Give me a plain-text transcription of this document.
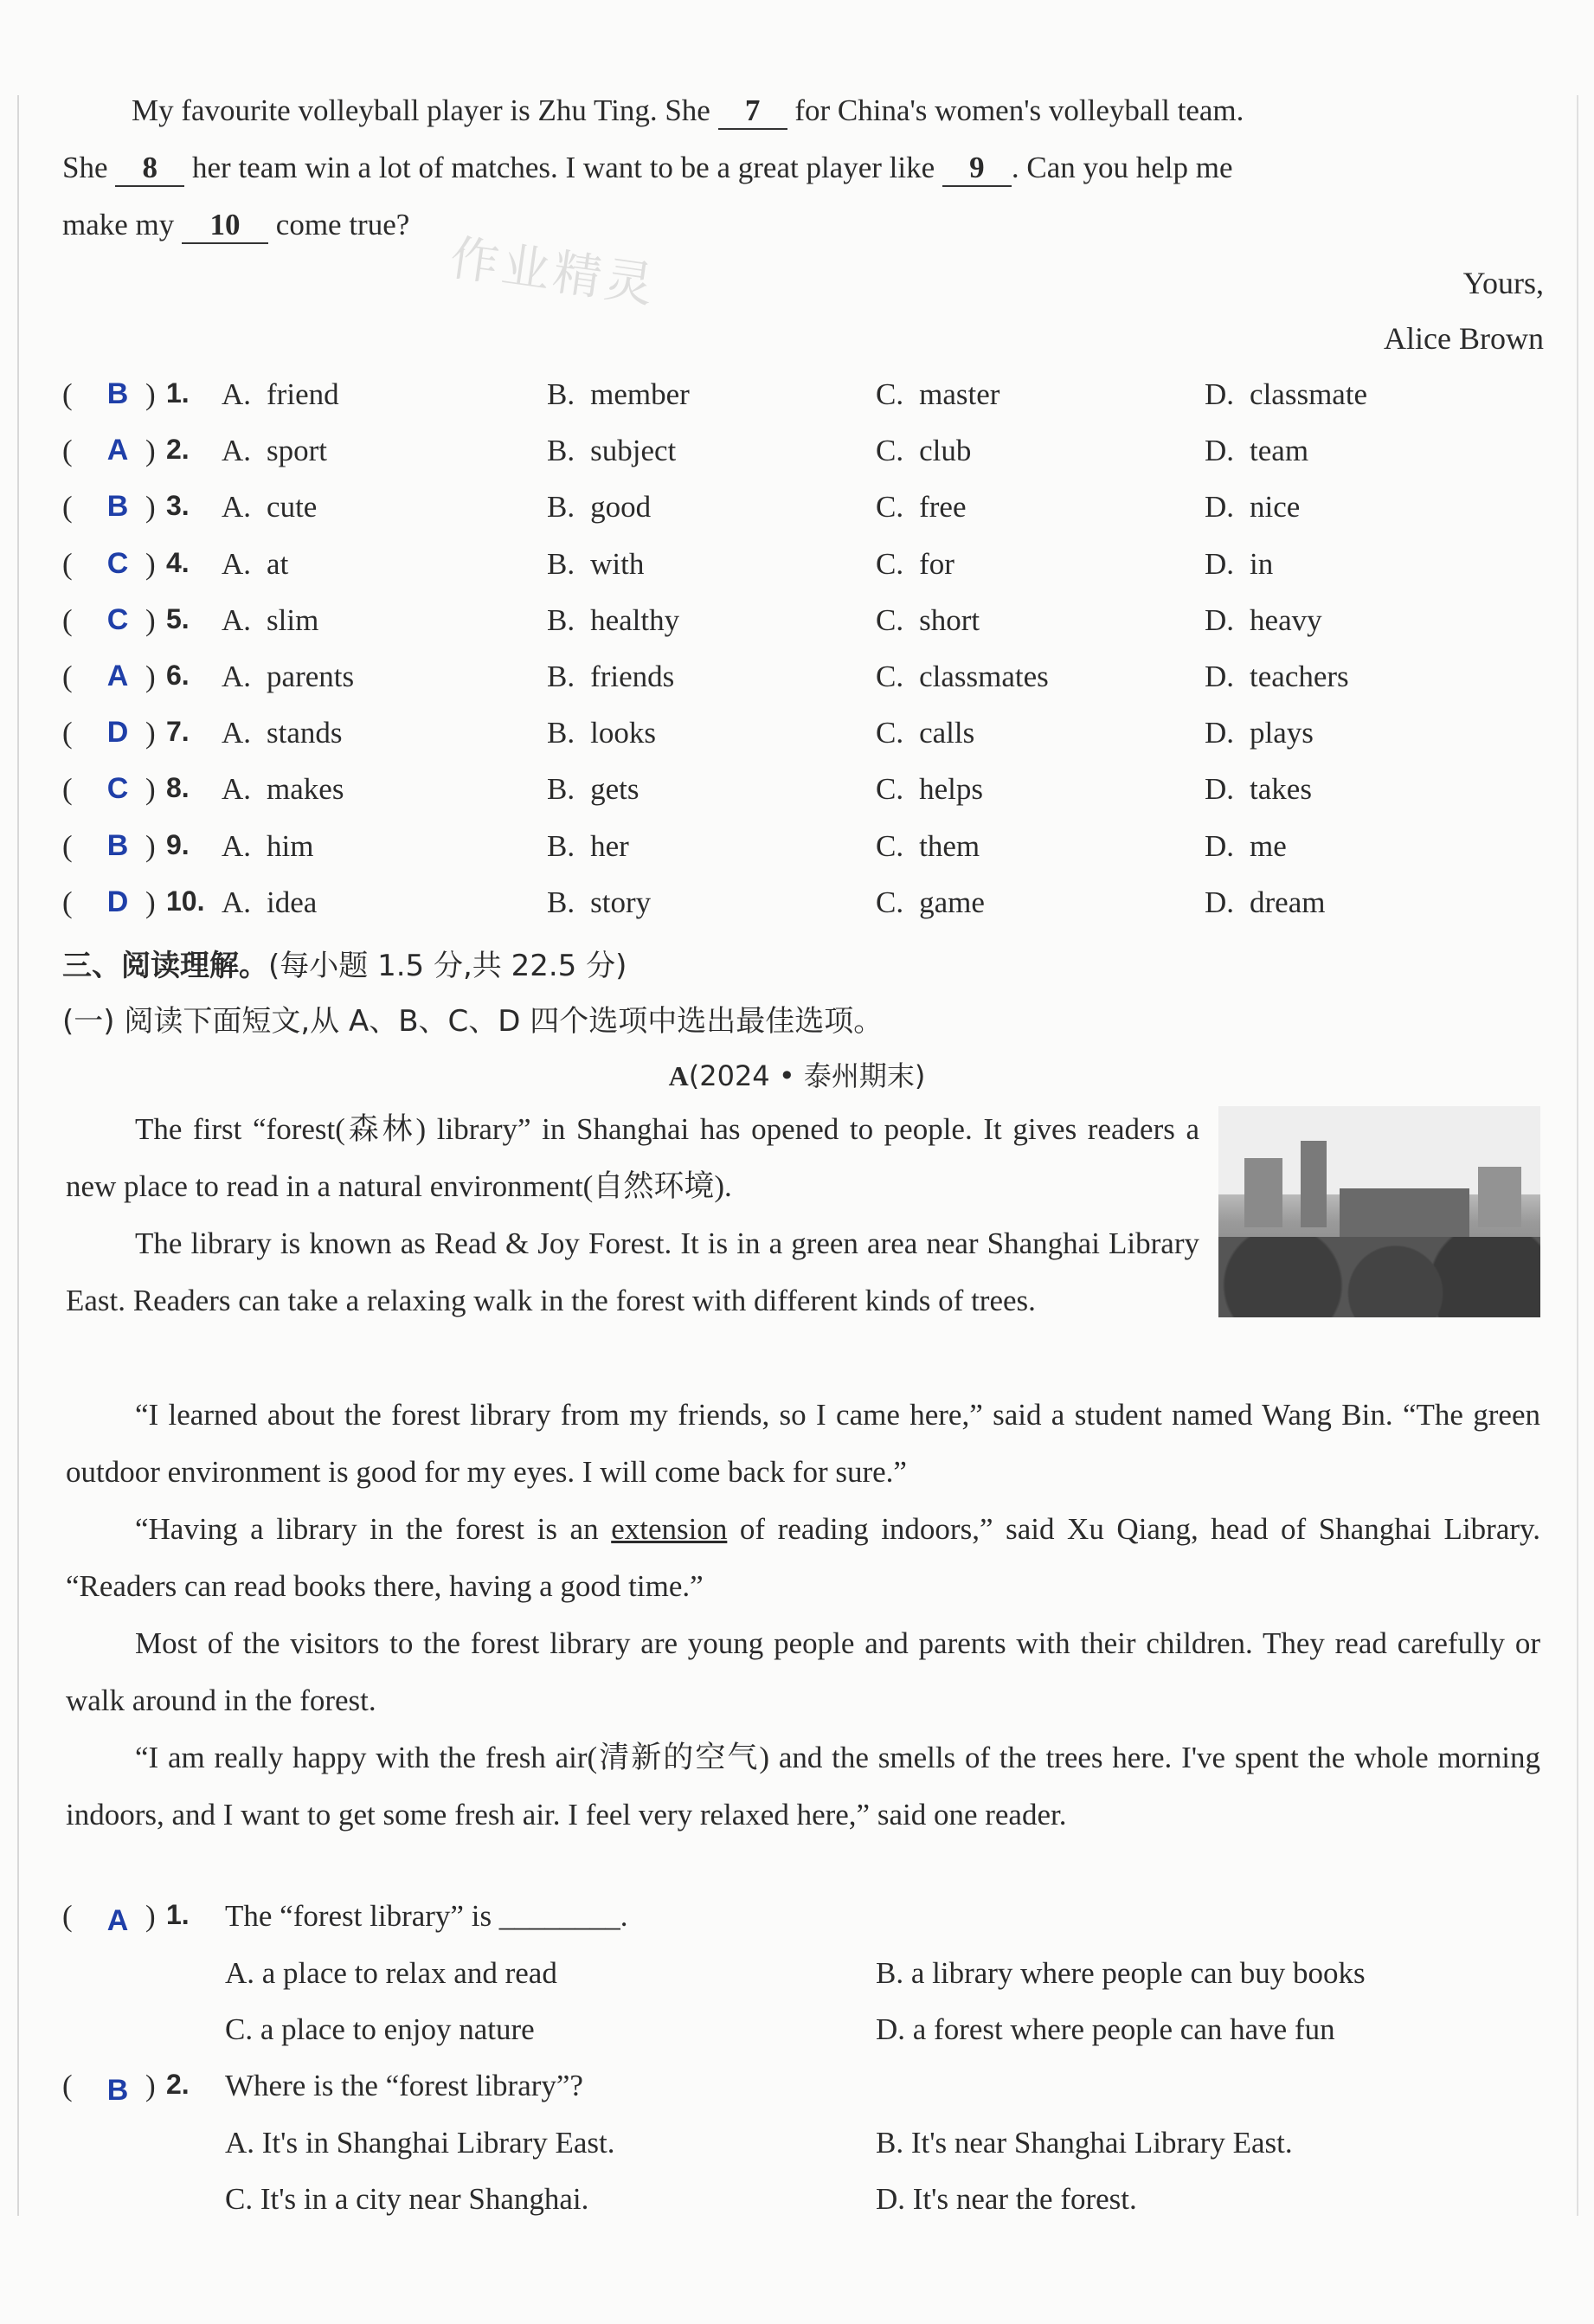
My favourite volleyball player is Zhu Ting. She 7 for China's women's volleyball team.
She 8 her team win a lot of matches. I want to be a great player like 9 . Can you help me
make my 10 come true?
作业精灵	Yours,
Alice Brown
( B ) 1. A. friend	B. member	C. master	D. classmate
( A ) 2. A. sport	B. subject	C. club	D. team
( B ) 3. A. cute	B. good	C. free	D. nice
( C ) 4. A. at	B. with	C. for	D. in
( C ) 5. A. slim	B. healthy	C. short	D. heavy
( A ) 6. A. parents	B. friends	C. classmates	D. teachers
( D ) 7. A. stands	B. looks	C. calls	D. plays
( C ) 8. A. makes	B. gets	C. helps	D. takes
( B ) 9. A. him	B. her	C. them	D. me
( D ) 10. A. idea	B. story	C. game	D. dream
三、阅读理解。(每小题 1.5 分,共 22.5 分)
(一) 阅读下面短文,从 A、B、C、D 四个选项中选出最佳选项。
A(2024 • 泰州期末)
The first “forest(森林) library” in Shanghai has opened to people. It gives readers a new place to read in a natural environment(自然环境).
The library is known as Read & Joy Forest. It is in a green area near Shanghai Library East. Readers can take a relaxing walk in the forest with different kinds of trees.
“I learned about the forest library from my friends, so I came here,” said a student named Wang Bin. “The green outdoor environment is good for my eyes. I will come back for sure.”
“Having a library in the forest is an extension of reading indoors,” said Xu Qiang, head of Shanghai Library. “Readers can read books there, having a good time.”
Most of the visitors to the forest library are young people and parents with their children. They read carefully or walk around in the forest.
“I am really happy with the fresh air(清新的空气) and the smells of the trees here. I've spent the whole morning indoors, and I want to get some fresh air. I feel very relaxed here,” said one reader.
( A ) 1. The “forest library” is ________.
A. a place to relax and read	B. a library where people can buy books
C. a place to enjoy nature	D. a forest where people can have fun
( B ) 2. Where is the “forest library”?
A. It's in Shanghai Library East.	B. It's near Shanghai Library East.
C. It's in a city near Shanghai.	D. It's near the forest.
